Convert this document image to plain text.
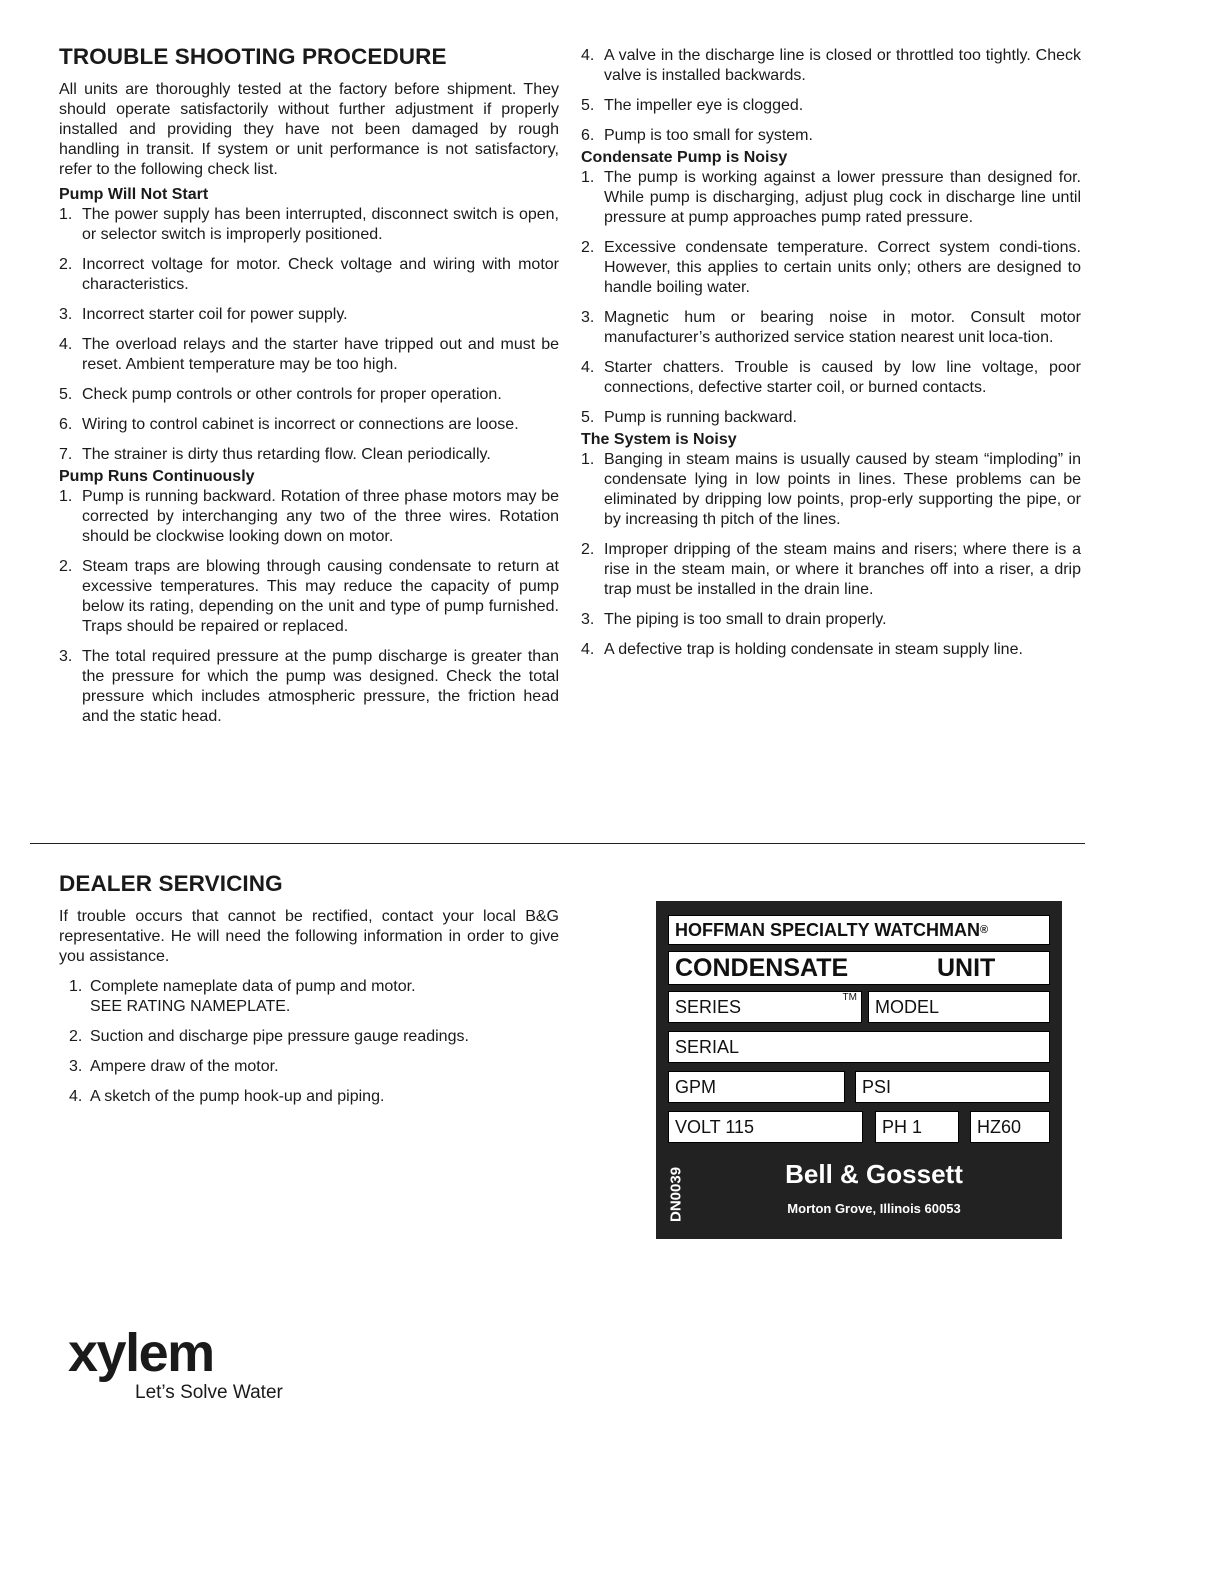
TROUBLE SHOOTING PROCEDURE

All units are thoroughly tested at the factory before shipment. They should operate satisfactorily without further adjustment if properly installed and providing they have not been damaged by rough handling in transit. If system or unit performance is not satisfactory, refer to the following check list.

Pump Will Not Start
1. The power supply has been interrupted, disconnect switch is open, or selector switch is improperly positioned.
2. Incorrect voltage for motor. Check voltage and wiring with motor characteristics.
3. Incorrect starter coil for power supply.
4. The overload relays and the starter have tripped out and must be reset. Ambient temperature may be too high.
5. Check pump controls or other controls for proper operation.
6. Wiring to control cabinet is incorrect or connections are loose.
7. The strainer is dirty thus retarding flow. Clean periodically.
Pump Runs Continuously
1. Pump is running backward. Rotation of three phase motors may be corrected by interchanging any two of the three wires. Rotation should be clockwise looking down on motor.
2. Steam traps are blowing through causing condensate to return at excessive temperatures. This may reduce the capacity of pump below its rating, depending on the unit and type of pump furnished. Traps should be repaired or replaced.
3. The total required pressure at the pump discharge is greater than the pressure for which the pump was designed. Check the total pressure which includes atmospheric pressure, the friction head and the static head.
4. A valve in the discharge line is closed or throttled too tightly. Check valve is installed backwards.
5. The impeller eye is clogged.
6. Pump is too small for system.
Condensate Pump is Noisy
1. The pump is working against a lower pressure than designed for. While pump is discharging, adjust plug cock in discharge line until pressure at pump approaches pump rated pressure.
2. Excessive condensate temperature. Correct system condi-tions. However, this applies to certain units only; others are designed to handle boiling water.
3. Magnetic hum or bearing noise in motor. Consult motor manufacturer’s authorized service station nearest unit loca-tion.
4. Starter chatters. Trouble is caused by low line voltage, poor connections, defective starter coil, or burned contacts.
5. Pump is running backward.
The System is Noisy
1. Banging in steam mains is usually caused by steam “imploding” in condensate lying in low points in lines. These problems can be eliminated by dripping low points, prop-erly supporting the pipe, or by increasing th pitch of the lines.
2. Improper dripping of the steam mains and risers; where there is a rise in the steam main, or where it branches off into a riser, a drip trap must be installed in the drain line.
3. The piping is too small to drain properly.
4. A defective trap is holding condensate in steam supply line.
DEALER SERVICING

If trouble occurs that cannot be rectified, contact your local B&G representative. He will need the following information in order to give you assistance.

1. Complete nameplate data of pump and motor.
SEE RATING NAMEPLATE.
2. Suction and discharge pipe pressure gauge readings.
3. Ampere draw of the motor.
4. A sketch of the pump hook-up and piping.
HOFFMAN SPECIALTY WATCHMAN ®
CONDENSATE	UNIT
SERIES	TM	MODEL
SERIAL
GPM	PSI
VOLT 115	PH 1	HZ60
DN0039	Bell & Gossett
Morton Grove, Illinois 60053
xylem
Let’s Solve Water
